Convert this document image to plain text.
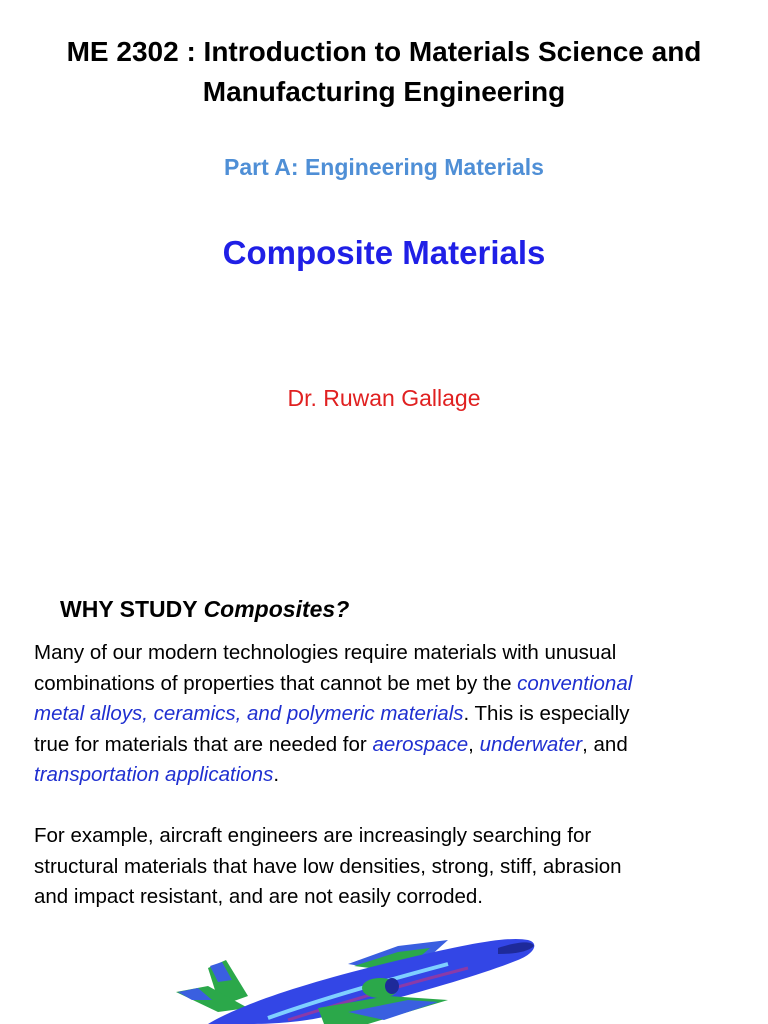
ME 2302 : Introduction to Materials Science and
Manufacturing Engineering
Part A: Engineering Materials
Composite Materials
Dr. Ruwan Gallage
WHY STUDY Composites?
Many of our modern technologies require materials with unusual
combinations of properties that cannot be met by the conventional
metal alloys, ceramics, and polymeric materials. This is especially
true for materials that are needed for aerospace, underwater, and
transportation applications.
For example, aircraft engineers are increasingly searching for
structural materials that have low densities, strong, stiff, abrasion
and impact resistant, and are not easily corroded.
